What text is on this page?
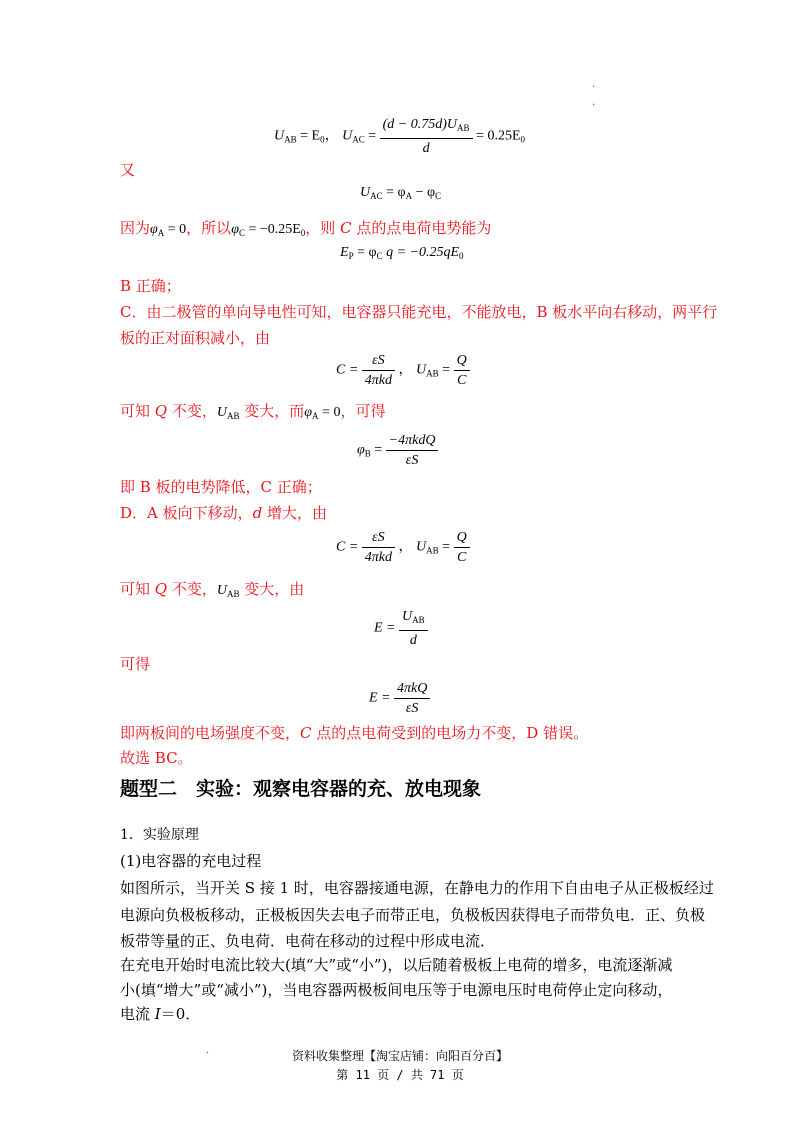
·
·
·
$U_{AB} = E_0$， $U_{AC} = \frac{(d - 0.75d)U_{AB}}{d} = 0.25E_0$
又
$U_{AC} = \varphi_A - \varphi_C$
因为$\varphi_A = 0$，所以$\varphi_C = -0.25E_0$，则 C 点的点电荷电势能为
$E_P = \varphi_C$ $q = -0.25qE_0$
B 正确；
C．由二极管的单向导电性可知，电容器只能充电，不能放电，B 板水平向右移动，两平行
板的正对面积减小，由
$C = \frac{\varepsilon S}{\text{4πkd}}$ ， $U_{AB} = \frac{Q}{C}$
可知 Q 不变，$U_{AB}$ 变大，而$\varphi_A = 0$，可得
$\varphi_B = \frac{\text{−4πkdQ}}{\varepsilon S}$
即 B 板的电势降低，C 正确；
D．A 板向下移动，d 增大，由
$C = \frac{\varepsilon S}{\text{4πkd}}$ ， $U_{AB} = \frac{Q}{C}$
可知 Q 不变，$U_{AB}$ 变大，由
$E = \frac{U_{AB}}{d}$
可得
$E = \frac{\text{4πkQ}}{\varepsilon S}$
即两板间的电场强度不变，C 点的点电荷受到的电场力不变，D 错误。
故选 BC。
题型二　实验：观察电容器的充、放电现象
1．实验原理
(1)电容器的充电过程
如图所示，当开关 S 接 1 时，电容器接通电源，在静电力的作用下自由电子从正极板经过
电源向负极板移动，正极板因失去电子而带正电，负极板因获得电子而带负电．正、负极
板带等量的正、负电荷．电荷在移动的过程中形成电流．
在充电开始时电流比较大(填“大”或“小”)，以后随着极板上电荷的增多，电流逐渐减
小(填“增大”或“减小”)，当电容器两极板间电压等于电源电压时电荷停止定向移动，
电流 I＝0．
资料收集整理【淘宝店铺：向阳百分百】
第 11 页 / 共 71 页
